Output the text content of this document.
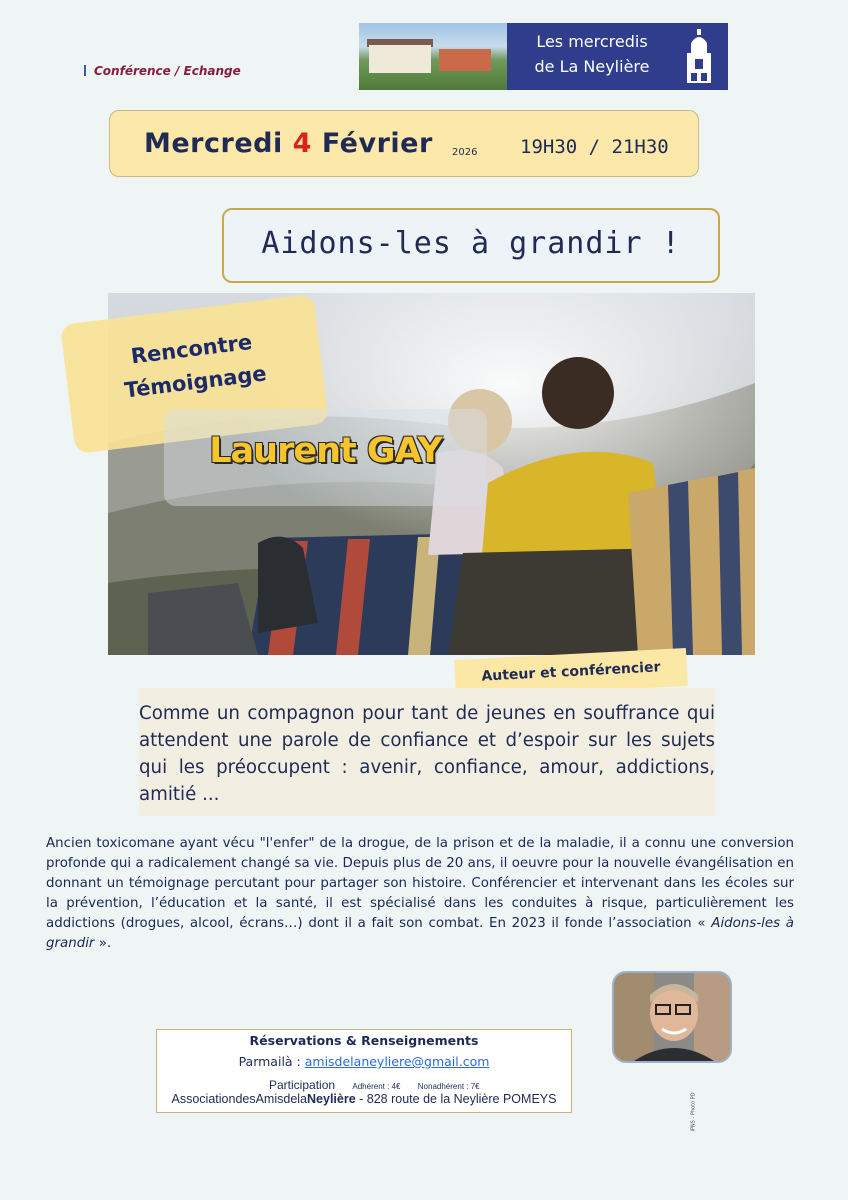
Conférence / Echange
Les mercredis
de La Neylière
Mercredi 4 Février 2026 19H30 / 21H30
Aidons-les à grandir !
Rencontre
Témoignage
Laurent GAY
Auteur et conférencier
Comme un compagnon pour tant de jeunes en souffrance qui attendent une parole de confiance et d’espoir sur les sujets qui les préoccupent : avenir, confiance, amour, addictions, amitié ...
Ancien toxicomane ayant vécu "l'enfer" de la drogue, de la prison et de la maladie, il a connu une conversion profonde qui a radicalement changé sa vie. Depuis plus de 20 ans, il oeuvre pour la nouvelle évangélisation en donnant un témoignage percutant pour partager son histoire. Conférencier et intervenant dans les écoles sur la prévention, l’éducation et la santé, il est spécialisé dans les conduites à risque, particulièrement les addictions (drogues, alcool, écrans…) dont il a fait son combat. En 2023 il fonde l’association « Aidons-les à grandir ».
IPNS - Photo PD
Réservations & Renseignements
Parmailà : amisdelaneyliere@gmail.com
Participation Adhérent : 4€ Nonadhérent : 7€
AssociationdesAmisdelaNeylière - 828 route de la Neylière POMEYS
